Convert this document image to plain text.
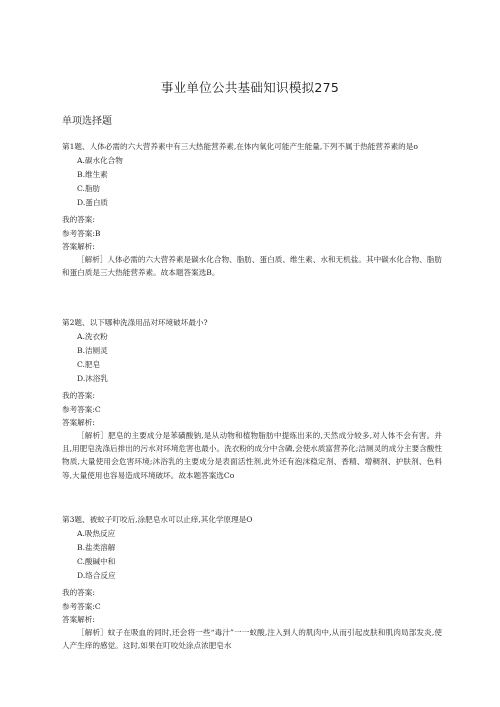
事业单位公共基础知识模拟275
单项选择题

第1题、人体必需的六大营养素中有三大热能营养素,在体内氧化可能产生能量,下列不属于热能营养素的是o

A.碳水化合物
B.维生素
C.脂肪
D.蛋白质
我的答案:
参考答案:B
答案解析:

［解析］人体必需的六大营养素是碳水化合物、脂肪、蛋白质、维生素、水和无机盐。其中碳水化合物、脂肪和蛋白质是三大热能营养素。故本题答案选B。

第2题、以下哪种洗涤用品对环境破坏最小?

A.洗衣粉
B.洁厕灵
C.肥皂
D.沐浴乳
我的答案:
参考答案:C
答案解析:

［解析］肥皂的主要成分是苯磺酸钠,是从动物和植物脂肪中提炼出来的,天然成分较多,对人体不会有害。并且,用肥皂洗涤后排出的污水对环境危害也最小。洗衣粉的成分中含磷,会使水质富营养化;洁厕灵的成分主要含酸性物质,大量使用会危害环境;沐浴乳的主要成分是表面活性剂,此外还有泡沫稳定剂、香精、增稠剂、护肤剂、色料等,大量使用也容易造成环境破坏。故本题答案选Co

第3题、被蚊子叮咬后,涂肥皂水可以止痒,其化学原理是O

A.吸热反应
B.盐类溶解
C.酸碱中和
D.络合反应
我的答案:
参考答案:C
答案解析:

［解析］蚊子在吸血的同时,还会将一些“毒汁”一一蚁酸,注入到人的肌肉中,从而引起皮肤和肌肉局部发炎,使人产生痒的感觉。这时,如果在叮咬处涂点浓肥皂水
